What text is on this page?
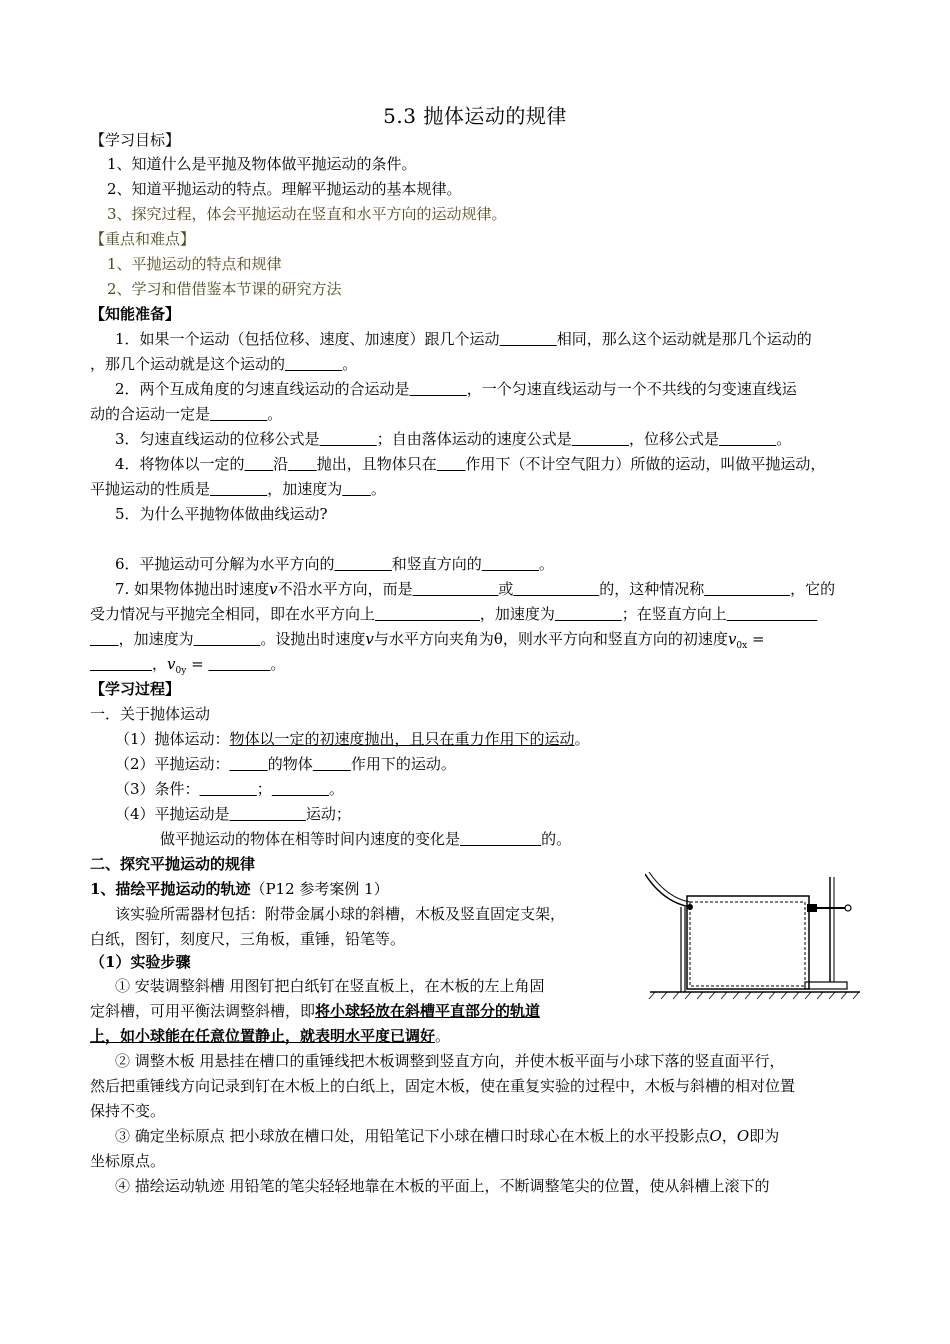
5.3 抛体运动的规律
【学习目标】
1、知道什么是平抛及物体做平抛运动的条件。
2、知道平抛运动的特点。理解平抛运动的基本规律。
3、探究过程，体会平抛运动在竖直和水平方向的运动规律。
【重点和难点】
1、平抛运动的特点和规律
2、学习和借借鉴本节课的研究方法
【知能准备】
1．如果一个运动（包括位移、速度、加速度）跟几个运动	相同，那么这个运动就是那几个运动的
，那几个运动就是这个运动的	。
2．两个互成角度的匀速直线运动的合运动是	，一个匀速直线运动与一个不共线的匀变速直线运
动的合运动一定是	。
3．匀速直线运动的位移公式是	；自由落体运动的速度公式是	，位移公式是	。
4．将物体以一定的 沿 抛出，且物体只在 作用下（不计空气阻力）所做的运动，叫做平抛运动，
平抛运动的性质是	，加速度为 。
5．为什么平抛物体做曲线运动?
6．平抛运动可分解为水平方向的	和竖直方向的	。
7. 如果物体抛出时速度v不沿水平方向，而是	或	的，这种情况称	，它的
受力情况与平抛完全相同，即在水平方向上	，加速度为	；在竖直方向上
，加速度为	。设抛出时速度v与水平方向夹角为θ，则水平方向和竖直方向的初速度$v_{0x}$ =
，$v_{0y}$ =	。
【学习过程】
一．关于抛体运动
（1）抛体运动：物体以一定的初速度抛出，且只在重力作用下的运动。
（2）平抛运动：	的物体	作用下的运动。
（3）条件：	；	。
（4）平抛运动是	运动；
做平抛运动的物体在相等时间内速度的变化是	的。
二、探究平抛运动的规律
1、描绘平抛运动的轨迹（P12 参考案例 1）
该实验所需器材包括：附带金属小球的斜槽，木板及竖直固定支架，
白纸，图钉，刻度尺，三角板，重锤，铅笔等。
（1）实验步骤
① 安装调整斜槽 用图钉把白纸钉在竖直板上，在木板的左上角固
定斜槽，可用平衡法调整斜槽，即将小球轻放在斜槽平直部分的轨道
上，如小球能在任意位置静止，就表明水平度已调好。
② 调整木板 用悬挂在槽口的重锤线把木板调整到竖直方向，并使木板平面与小球下落的竖直面平行，
然后把重锤线方向记录到钉在木板上的白纸上，固定木板，使在重复实验的过程中，木板与斜槽的相对位置
保持不变。
③ 确定坐标原点 把小球放在槽口处，用铅笔记下小球在槽口时球心在木板上的水平投影点O，O即为
坐标原点。
④ 描绘运动轨迹 用铅笔的笔尖轻轻地靠在木板的平面上，不断调整笔尖的位置，使从斜槽上滚下的
